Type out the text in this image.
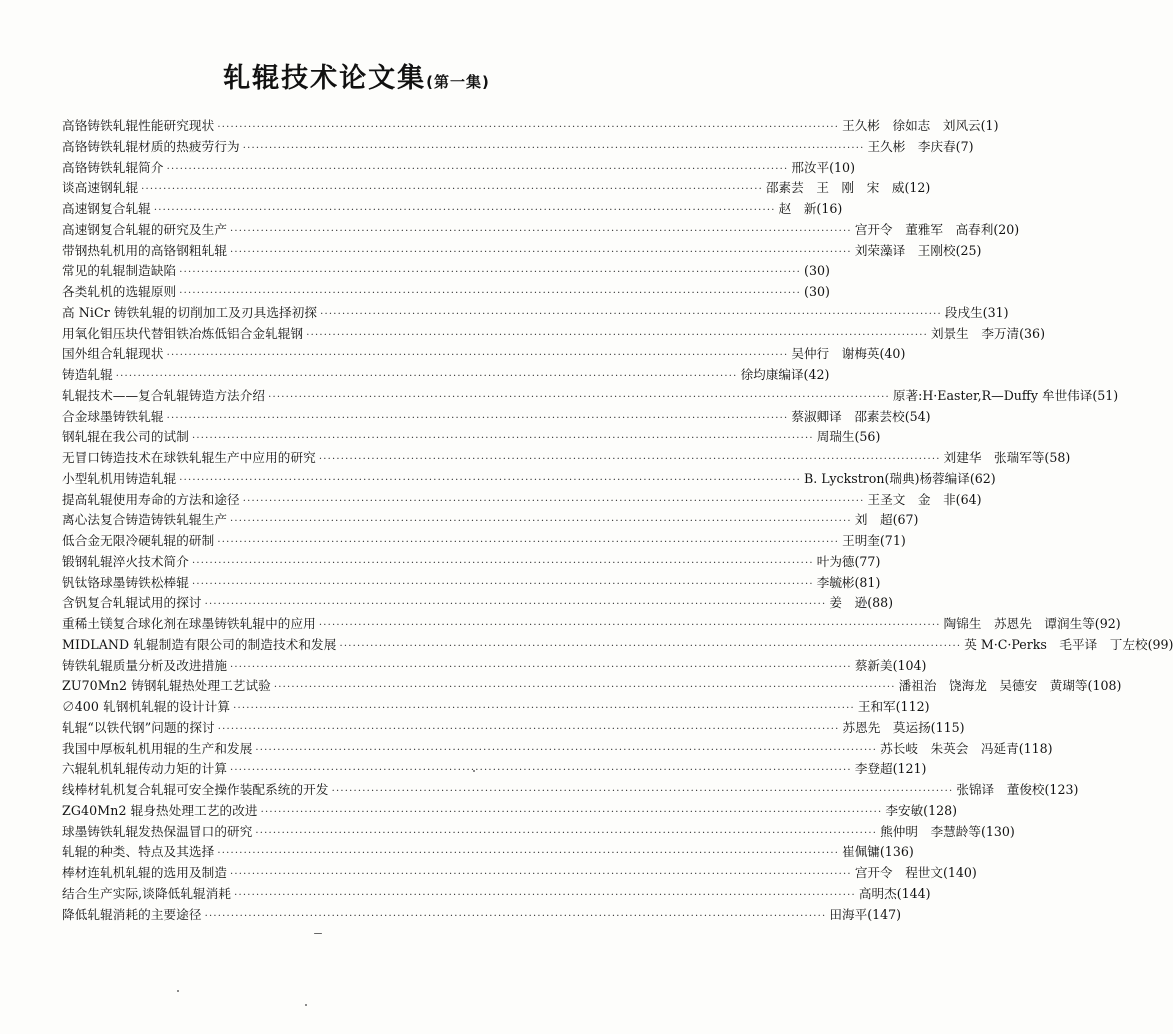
轧辊技术论文集(第一集)
高铬铸铁轧辊性能研究现状 ·····	王久彬　徐如志　刘风云(1)
高铬铸铁轧辊材质的热疲劳行为 ·····	王久彬　李庆春(7)
高铬铸铁轧辊简介 ·····	邢汝平(10)
谈高速钢轧辊 ·····	邵素芸　王　刚　宋　威(12)
高速钢复合轧辊 ·····	赵　新(16)
高速钢复合轧辊的研究及生产 ·····	宫开令　董雅军　高春利(20)
带钢热轧机用的高铬钢粗轧辊 ·····	刘荣藻译　王刚校(25)
常见的轧辊制造缺陷 ·····	(30)
各类轧机的选辊原则 ·····	(30)
高 NiCr 铸铁轧辊的切削加工及刃具选择初探 ·····	段戌生(31)
用氧化钼压块代替钼铁冶炼低铝合金轧辊钢 ·····	刘景生　李万清(36)
国外组合轧辊现状 ·····	吴仲行　谢梅英(40)
铸造轧辊 ·····	徐均康编译(42)
轧辊技术——复合轧辊铸造方法介绍 ·····	原著:H·Easter,R—Duffy 牟世伟译(51)
合金球墨铸铁轧辊 ·····	蔡淑卿译　邵素芸校(54)
钢轧辊在我公司的试制 ·····	周瑞生(56)
无冒口铸造技术在球铁轧辊生产中应用的研究 ·····	刘建华　张瑞军等(58)
小型轧机用铸造轧辊 ·····	B. Lyckstron(瑞典)杨蓉编译(62)
提高轧辊使用寿命的方法和途径 ·····	王圣文　金　非(64)
离心法复合铸造铸铁轧辊生产 ·····	刘　超(67)
低合金无限冷硬轧辊的研制 ·····	王明奎(71)
锻钢轧辊淬火技术简介 ·····	叶为德(77)
钒钛铬球墨铸铁松棒辊 ·····	李毓彬(81)
含钒复合轧辊试用的探讨 ·····	姜　逊(88)
重稀土镁复合球化剂在球墨铸铁轧辊中的应用 ·····	陶锦生　苏恩先　谭润生等(92)
MIDLAND 轧辊制造有限公司的制造技术和发展 ·····	英 M·C·Perks　毛平译　丁左校(99)
铸铁轧辊质量分析及改进措施 ·····	蔡新美(104)
ZU70Mn2 铸钢轧辊热处理工艺试验 ·····	潘祖治　饶海龙　吴德安　黄瑚等(108)
∅400 轧钢机轧辊的设计计算 ·····	王和军(112)
轧辊“以铁代钢”问题的探讨 ·····	苏恩先　莫运扬(115)
我国中厚板轧机用辊的生产和发展 ·····	苏长岐　朱英会　冯延青(118)
六辊轧机轧辊传动力矩的计算 ·····	李登超(121)
线棒材轧机复合轧辊可安全操作装配系统的开发 ·····	张锦译　董俊校(123)
ZG40Mn2 辊身热处理工艺的改进 ·····	李安敏(128)
球墨铸铁轧辊发热保温冒口的研究 ·····	熊仲明　李慧龄等(130)
轧辊的种类、特点及其选择 ·····	崔佩镛(136)
棒材连轧机轧辊的选用及制造 ·····	宫开令　程世文(140)
结合生产实际,谈降低轧辊消耗 ·····	高明杰(144)
降低轧辊消耗的主要途径 ·····	田海平(147)
